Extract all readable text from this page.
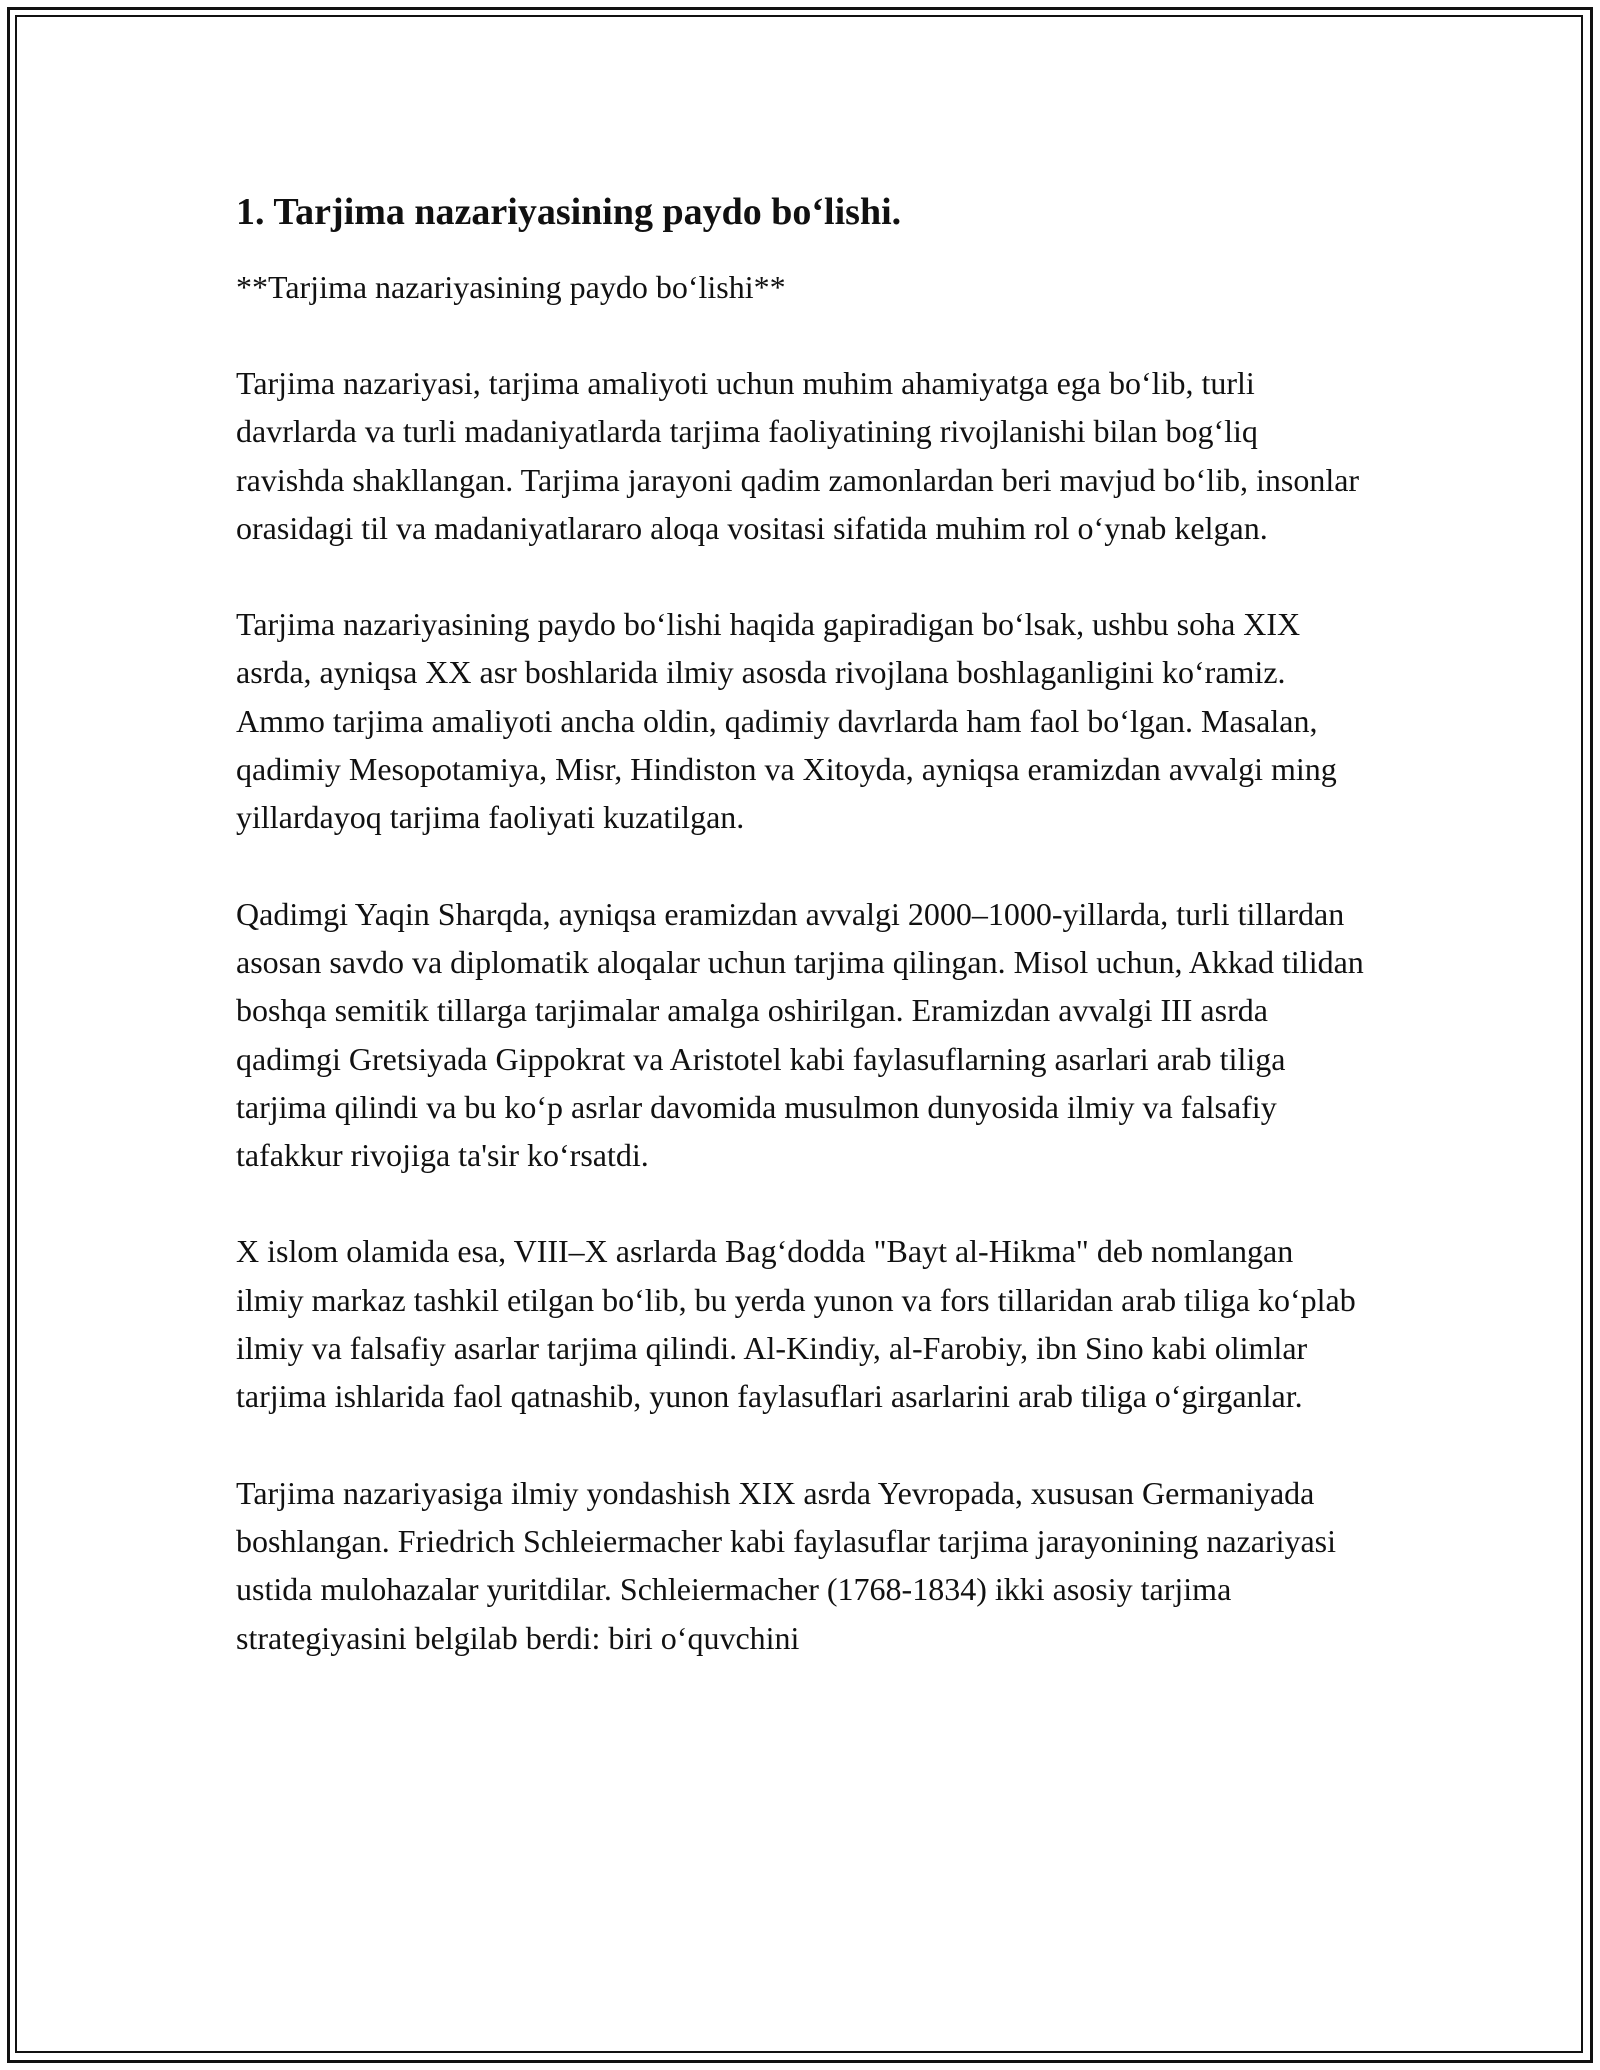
1. Tarjima nazariyasining paydo bo‘lishi.

**Tarjima nazariyasining paydo bo‘lishi**

Tarjima nazariyasi, tarjima amaliyoti uchun muhim ahamiyatga ega bo‘lib, turli davrlarda va turli madaniyatlarda tarjima faoliyatining rivojlanishi bilan bog‘liq ravishda shakllangan. Tarjima jarayoni qadim zamonlardan beri mavjud bo‘lib, insonlar orasidagi til va madaniyatlararo aloqa vositasi sifatida muhim rol o‘ynab kelgan.

Tarjima nazariyasining paydo bo‘lishi haqida gapiradigan bo‘lsak, ushbu soha XIX asrda, ayniqsa XX asr boshlarida ilmiy asosda rivojlana boshlaganligini ko‘ramiz. Ammo tarjima amaliyoti ancha oldin, qadimiy davrlarda ham faol bo‘lgan. Masalan, qadimiy Mesopotamiya, Misr, Hindiston va Xitoyda, ayniqsa eramizdan avvalgi ming yillardayoq tarjima faoliyati kuzatilgan.

Qadimgi Yaqin Sharqda, ayniqsa eramizdan avvalgi 2000–1000-yillarda, turli tillardan asosan savdo va diplomatik aloqalar uchun tarjima qilingan. Misol uchun, Akkad tilidan boshqa semitik tillarga tarjimalar amalga oshirilgan. Eramizdan avvalgi III asrda qadimgi Gretsiyada Gippokrat va Aristotel kabi faylasuflarning asarlari arab tiliga tarjima qilindi va bu ko‘p asrlar davomida musulmon dunyosida ilmiy va falsafiy tafakkur rivojiga ta'sir ko‘rsatdi.

X islom olamida esa, VIII–X asrlarda Bag‘dodda "Bayt al-Hikma" deb nomlangan ilmiy markaz tashkil etilgan bo‘lib, bu yerda yunon va fors tillaridan arab tiliga ko‘plab ilmiy va falsafiy asarlar tarjima qilindi. Al-Kindiy, al-Farobiy, ibn Sino kabi olimlar tarjima ishlarida faol qatnashib, yunon faylasuflari asarlarini arab tiliga o‘girganlar.

Tarjima nazariyasiga ilmiy yondashish XIX asrda Yevropada, xususan Germaniyada boshlangan. Friedrich Schleiermacher kabi faylasuflar tarjima jarayonining nazariyasi ustida mulohazalar yuritdilar. Schleiermacher (1768-1834) ikki asosiy tarjima strategiyasini belgilab berdi: biri o‘quvchini
